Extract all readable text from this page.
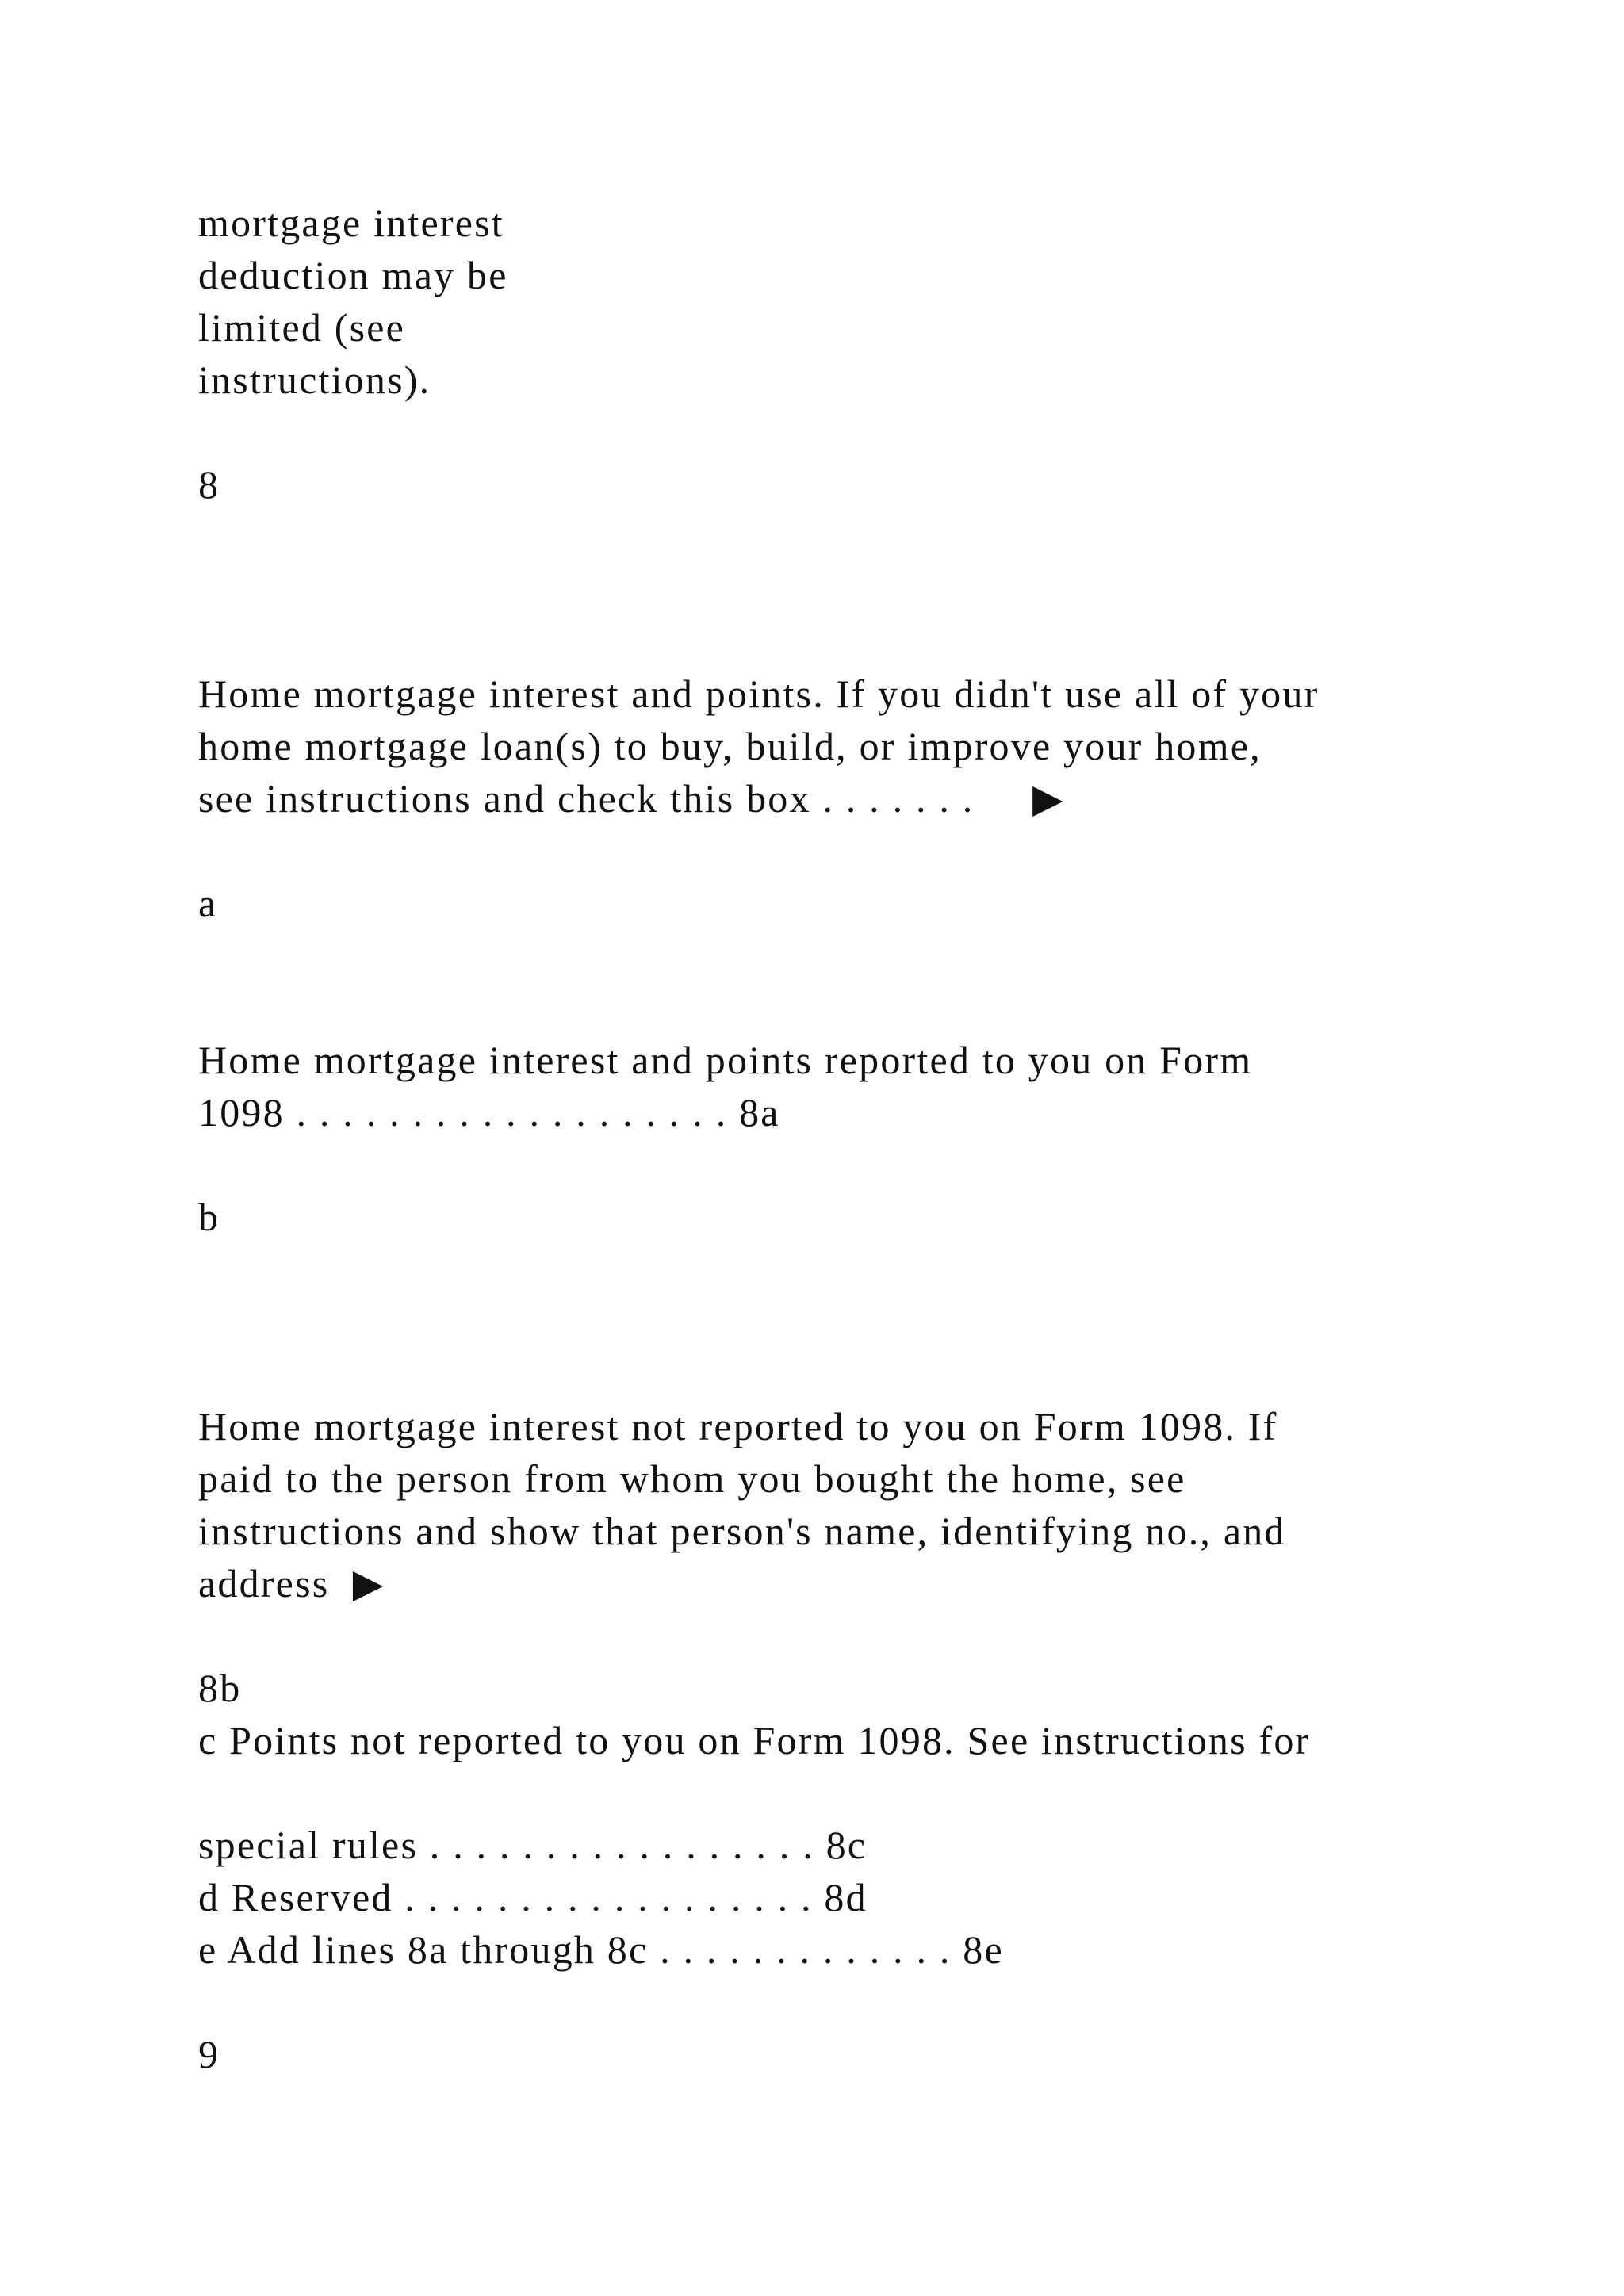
mortgage interest

deduction may be

limited (see

instructions).

8

Home mortgage interest and points. If you didn't use all of your

home mortgage loan(s) to buy, build, or improve your home,

see instructions and check this box . . . . . . .     ▶

a

Home mortgage interest and points reported to you on Form

1098 . . . . . . . . . . . . . . . . . . . 8a

b

Home mortgage interest not reported to you on Form 1098. If

paid to the person from whom you bought the home, see

instructions and show that person's name, identifying no., and

address  ▶

8b

c Points not reported to you on Form 1098. See instructions for

special rules . . . . . . . . . . . . . . . . . 8c

d Reserved . . . . . . . . . . . . . . . . . . 8d

e Add lines 8a through 8c . . . . . . . . . . . . . 8e

9
